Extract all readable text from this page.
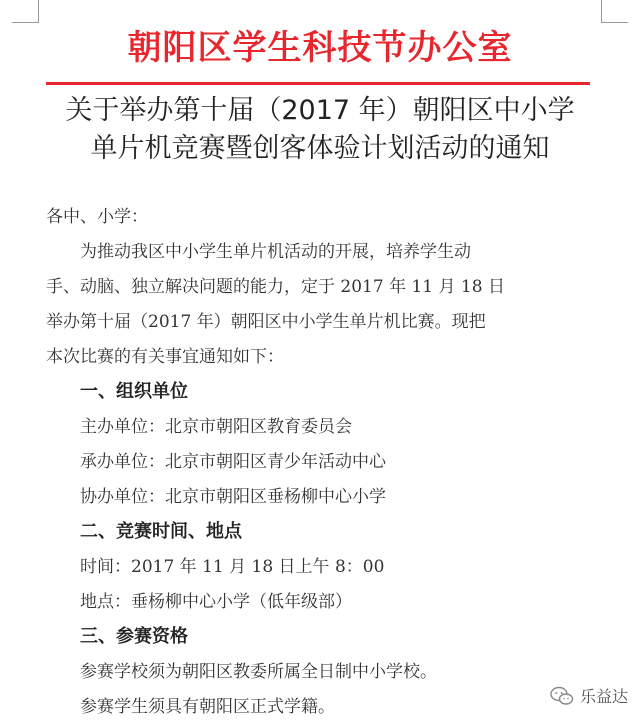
朝阳区学生科技节办公室
关于举办第十届（2017 年）朝阳区中小学
单片机竞赛暨创客体验计划活动的通知
各中、小学：
为推动我区中小学生单片机活动的开展，培养学生动
手、动脑、独立解决问题的能力，定于 2017 年 11 月 18 日
举办第十届（2017 年）朝阳区中小学生单片机比赛。现把
本次比赛的有关事宜通知如下：
一、组织单位
主办单位：北京市朝阳区教育委员会
承办单位：北京市朝阳区青少年活动中心
协办单位：北京市朝阳区垂杨柳中心小学
二、竞赛时间、地点
时间：2017 年 11 月 18 日上午 8：00
地点：垂杨柳中心小学（低年级部）
三、参赛资格
参赛学校须为朝阳区教委所属全日制中小学校。
参赛学生须具有朝阳区正式学籍。
乐益达
